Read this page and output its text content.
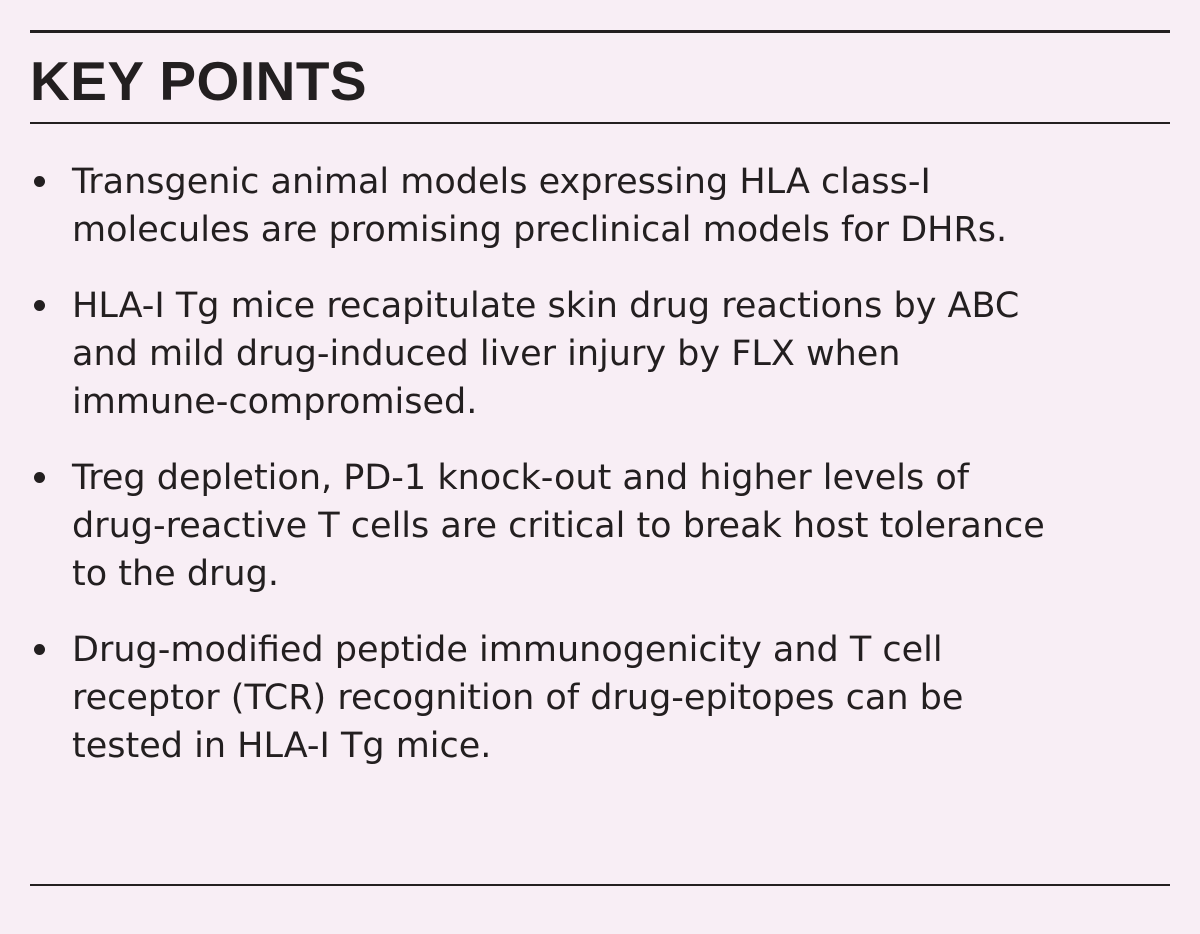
KEY POINTS
Transgenic animal models expressing HLA class-I
molecules are promising preclinical models for DHRs.
HLA-I Tg mice recapitulate skin drug reactions by ABC
and mild drug-induced liver injury by FLX when
immune-compromised.
Treg depletion, PD-1 knock-out and higher levels of
drug-reactive T cells are critical to break host tolerance
to the drug.
Drug-modified peptide immunogenicity and T cell
receptor (TCR) recognition of drug-epitopes can be
tested in HLA-I Tg mice.
